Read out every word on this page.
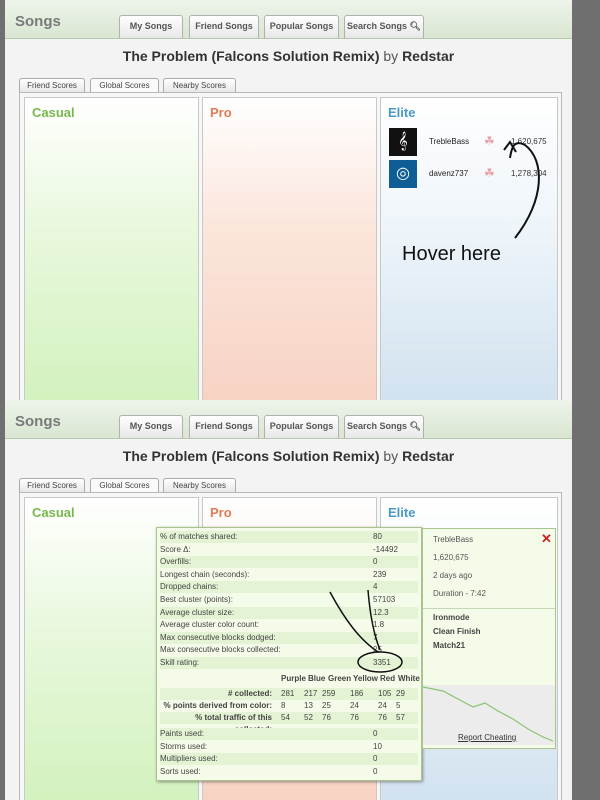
Songs	My Songs	Friend Songs	Popular Songs	Search Songs 🔍︎
The Problem (Falcons Solution Remix) by Redstar
Friend Scores	Global Scores	Nearby Scores
Casual	Pro	Elite
𝄞	TrebleBass ☘	1,620,675
◎	davenz737 ☘	1,278,304
Hover here
Songs	My Songs	Friend Songs	Popular Songs	Search Songs 🔍︎
The Problem (Falcons Solution Remix) by Redstar
Friend Scores	Global Scores	Nearby Scores
Casual	Pro	Elite
% of matches shared:	80
Score Δ:	-14492
Overfills:	0
Longest chain (seconds):	239
Dropped chains:	4
Best cluster (points):	57103
Average cluster size:	12.3
Average cluster color count:	1.8
Max consecutive blocks dodged:	7
Max consecutive blocks collected:	25
Skill rating:	3351
Purple Blue Green Yellow Red White
# collected: 281 217 259 186 105 29
% points derived from color: 8 13 25 24 24 5
% total traffic of this 54 52 76 76 76 57
Paints used:	0
Storms used:	10
Multipliers used:	0
Sorts used:	0
✕
TrebleBass
1,620,675
2 days ago
Duration - 7:42
Ironmode
Clean Finish
Match21
Report Cheating
